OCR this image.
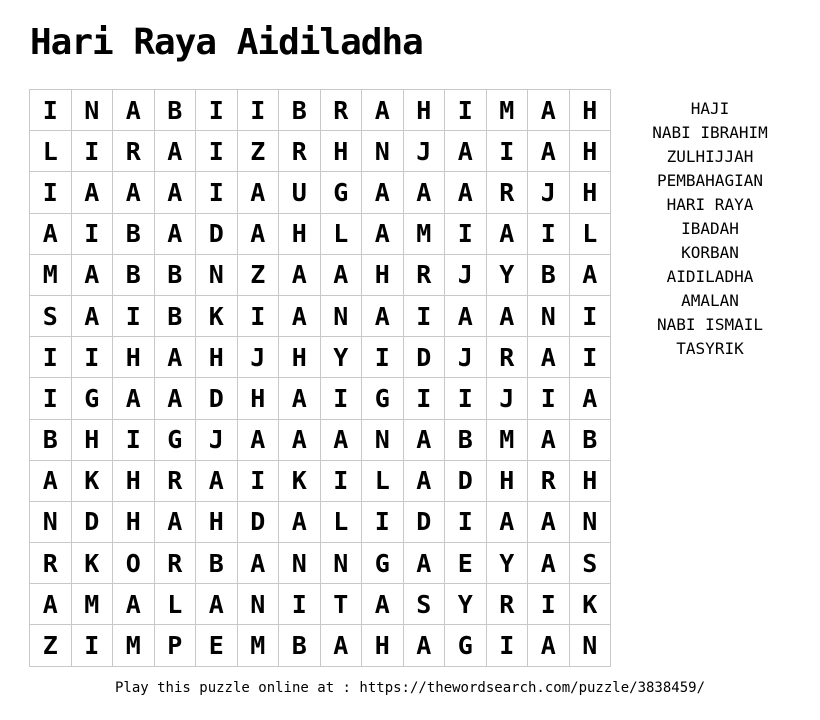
Hari Raya Aidiladha
I	N	A	B	I	I	B	R	A	H	I	M	A	H
L	I	R	A	I	Z	R	H	N	J	A	I	A	H
I	A	A	A	I	A	U	G	A	A	A	R	J	H
A	I	B	A	D	A	H	L	A	M	I	A	I	L
M	A	B	B	N	Z	A	A	H	R	J	Y	B	A
S	A	I	B	K	I	A	N	A	I	A	A	N	I
I	I	H	A	H	J	H	Y	I	D	J	R	A	I
I	G	A	A	D	H	A	I	G	I	I	J	I	A
B	H	I	G	J	A	A	A	N	A	B	M	A	B
A	K	H	R	A	I	K	I	L	A	D	H	R	H
N	D	H	A	H	D	A	L	I	D	I	A	A	N
R	K	O	R	B	A	N	N	G	A	E	Y	A	S
A	M	A	L	A	N	I	T	A	S	Y	R	I	K
Z	I	M	P	E	M	B	A	H	A	G	I	A	N
HAJI
NABI IBRAHIM
ZULHIJJAH
PEMBAHAGIAN
HARI RAYA
IBADAH
KORBAN
AIDILADHA
AMALAN
NABI ISMAIL
TASYRIK
Play this puzzle online at : https://thewordsearch.com/puzzle/3838459/
